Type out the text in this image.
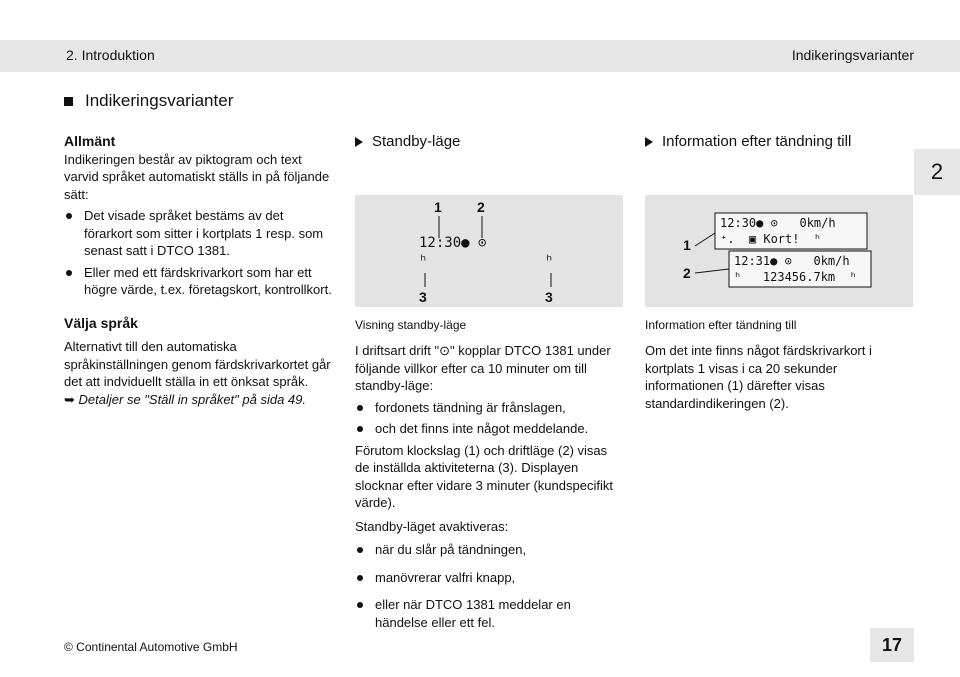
2. Introduktion	Indikeringsvarianter
Indikeringsvarianter
2
Allmänt

Indikeringen består av piktogram och text varvid språket automatiskt ställs in på följande sätt:

Det visade språket bestäms av det förarkort som sitter i kortplats 1 resp. som senast satt i DTCO 1381.
Eller med ett färdskrivarkort som har ett högre värde, t.ex. företagskort, kontrollkort.
Välja språk

Alternativt till den automatiska språkinställningen genom färdskrivarkortet går det att indviduellt ställa in ett önksat språk.

➥ Detaljer se "Ställ in språket" på sida 49.

Standby-läge
1	2
12:30● ⊙
ʰ	ʰ
3	3
Visning standby-läge

I driftsart drift "⊙" kopplar DTCO 1381 under följande villkor efter ca 10 minuter om till standby-läge:

fordonets tändning är frånslagen,
och det finns inte något meddelande.

Förutom klockslag (1) och driftläge (2) visas de inställda aktiviteterna (3). Displayen slocknar efter vidare 3 minuter (kundspecifikt värde).

Standby-läget avaktiveras:

när du slår på tändningen,
manövrerar valfri knapp,
eller när DTCO 1381 meddelar en händelse eller ett fel.
Information efter tändning till
1
2
12:30● ⊙   0km/h
⁺.  ▣ Kort!  ʰ
12:31● ⊙   0km/h
ʰ   123456.7km  ʰ
Information efter tändning till

Om det inte finns något färdskrivarkort i kortplats 1 visas i ca 20 sekunder informationen (1) därefter visas standardindikeringen (2).

© Continental Automotive GmbH	17
